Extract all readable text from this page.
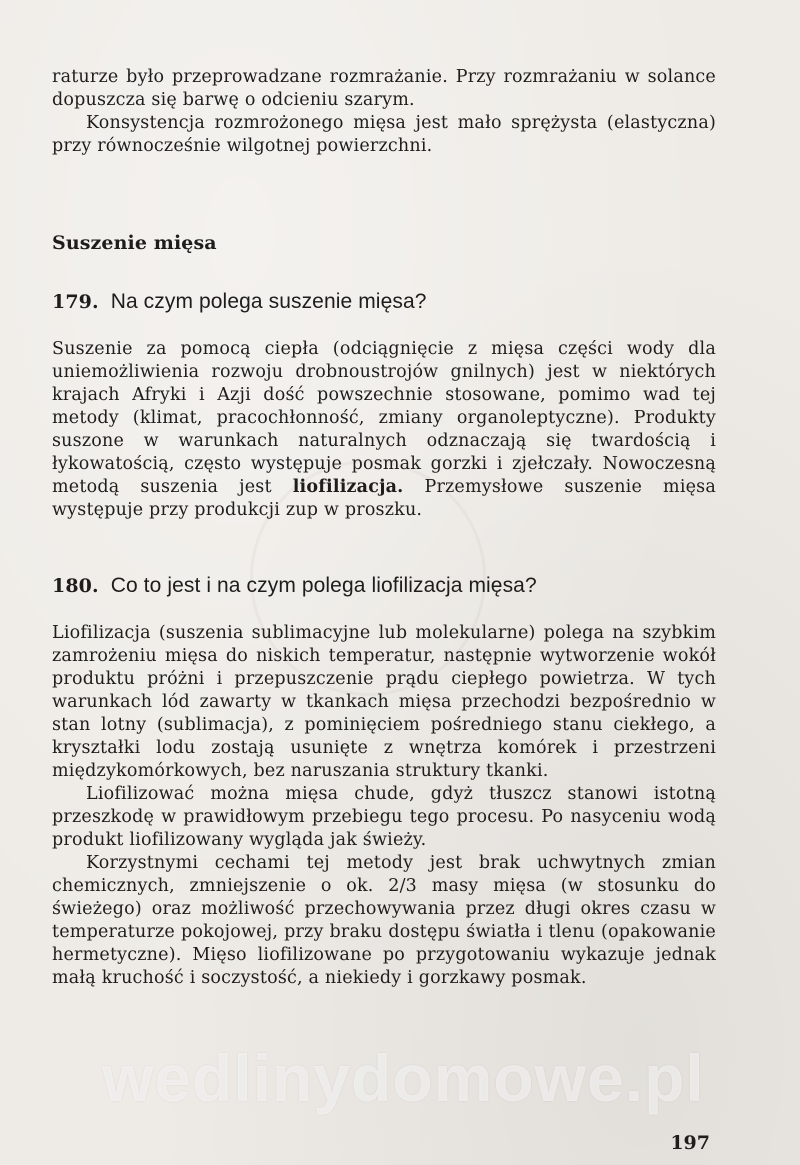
raturze było przeprowadzane rozmrażanie. Przy rozmrażaniu w solance dopuszcza się barwę o odcieniu szarym.

Konsystencja rozmrożonego mięsa jest mało sprężysta (elastyczna) przy równocześnie wilgotnej powierzchni.

Suszenie mięsa
179. Na czym polega suszenie mięsa?

Suszenie za pomocą ciepła (odciągnięcie z mięsa części wody dla uniemożliwienia rozwoju drobnoustrojów gnilnych) jest w niektórych krajach Afryki i Azji dość powszechnie stosowane, pomimo wad tej metody (klimat, pracochłonność, zmiany organoleptyczne). Produkty suszone w warunkach naturalnych odznaczają się twardością i łykowatością, często występuje posmak gorzki i zjełczały. Nowoczesną metodą suszenia jest liofilizacja. Przemysłowe suszenie mięsa występuje przy produkcji zup w proszku.

180. Co to jest i na czym polega liofilizacja mięsa?

Liofilizacja (suszenia sublimacyjne lub molekularne) polega na szybkim zamrożeniu mięsa do niskich temperatur, następnie wytworzenie wokół produktu próżni i przepuszczenie prądu ciepłego powietrza. W tych warunkach lód zawarty w tkankach mięsa przechodzi bezpośrednio w stan lotny (sublimacja), z pominięciem pośredniego stanu ciekłego, a kryształki lodu zostają usunięte z wnętrza komórek i przestrzeni międzykomórkowych, bez naruszania struktury tkanki.

Liofilizować można mięsa chude, gdyż tłuszcz stanowi istotną przeszkodę w prawidłowym przebiegu tego procesu. Po nasyceniu wodą produkt liofilizowany wygląda jak świeży.

Korzystnymi cechami tej metody jest brak uchwytnych zmian chemicznych, zmniejszenie o ok. 2/3 masy mięsa (w stosunku do świeżego) oraz możliwość przechowywania przez długi okres czasu w temperaturze pokojowej, przy braku dostępu światła i tlenu (opakowanie hermetyczne). Mięso liofilizowane po przygotowaniu wykazuje jednak małą kruchość i soczystość, a niekiedy i gorzkawy posmak.

wedlinydomowe.pl
197
